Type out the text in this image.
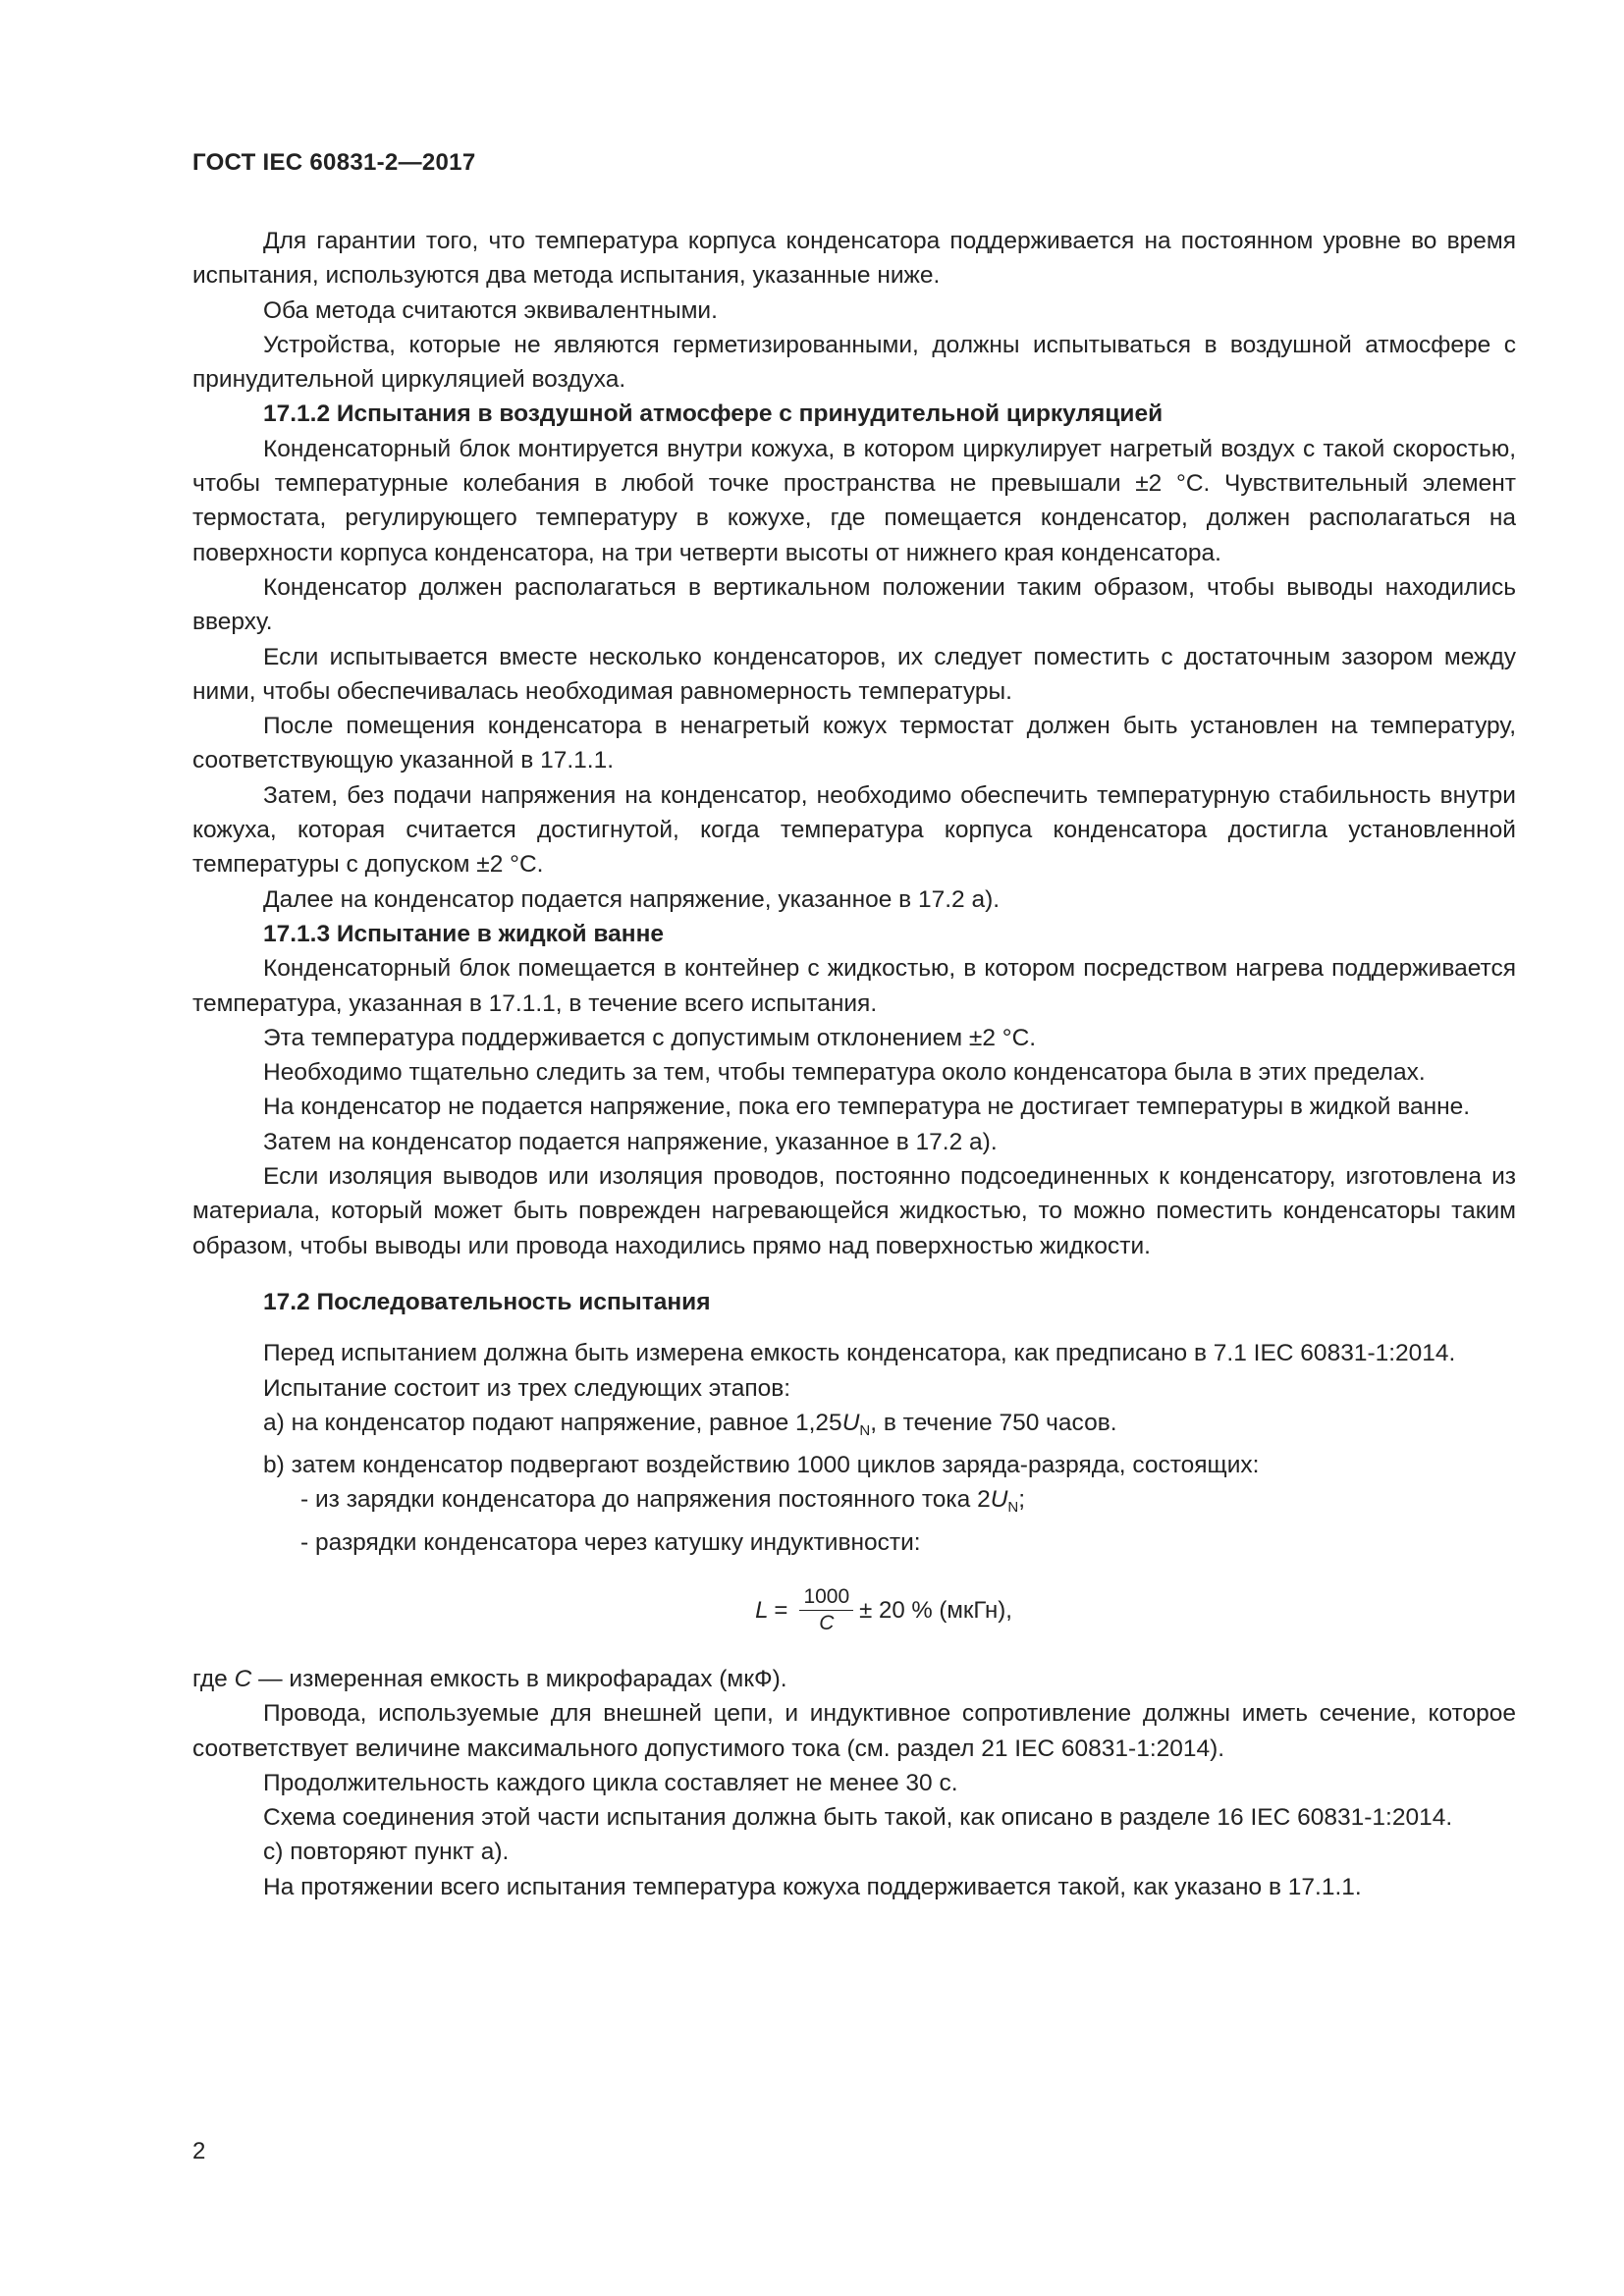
ГОСТ IEC 60831-2—2017

Для гарантии того, что температура корпуса конденсатора поддерживается на постоянном уровне во время испытания, используются два метода испытания, указанные ниже.

Оба метода считаются эквивалентными.

Устройства, которые не являются герметизированными, должны испытываться в воздушной атмосфере с принудительной циркуляцией воздуха.

17.1.2 Испытания в воздушной атмосфере с принудительной циркуляцией

Конденсаторный блок монтируется внутри кожуха, в котором циркулирует нагретый воздух с такой скоростью, чтобы температурные колебания в любой точке пространства не превышали ±2 °С. Чувствительный элемент термостата, регулирующего температуру в кожухе, где помещается конденсатор, должен располагаться на поверхности корпуса конденсатора, на три четверти высоты от нижнего края конденсатора.

Конденсатор должен располагаться в вертикальном положении таким образом, чтобы выводы находились вверху.

Если испытывается вместе несколько конденсаторов, их следует поместить с достаточным зазором между ними, чтобы обеспечивалась необходимая равномерность температуры.

После помещения конденсатора в ненагретый кожух термостат должен быть установлен на температуру, соответствующую указанной в 17.1.1.

Затем, без подачи напряжения на конденсатор, необходимо обеспечить температурную стабильность внутри кожуха, которая считается достигнутой, когда температура корпуса конденсатора достигла установленной температуры с допуском ±2 °С.

Далее на конденсатор подается напряжение, указанное в 17.2 а).

17.1.3 Испытание в жидкой ванне

Конденсаторный блок помещается в контейнер с жидкостью, в котором посредством нагрева поддерживается температура, указанная в 17.1.1, в течение всего испытания.

Эта температура поддерживается с допустимым отклонением ±2 °С.

Необходимо тщательно следить за тем, чтобы температура около конденсатора была в этих пределах.

На конденсатор не подается напряжение, пока его температура не достигает температуры в жидкой ванне.

Затем на конденсатор подается напряжение, указанное в 17.2 а).

Если изоляция выводов или изоляция проводов, постоянно подсоединенных к конденсатору, изготовлена из материала, который может быть поврежден нагревающейся жидкостью, то можно поместить конденсаторы таким образом, чтобы выводы или провода находились прямо над поверхностью жидкости.

17.2 Последовательность испытания

Перед испытанием должна быть измерена емкость конденсатора, как предписано в 7.1 IEC 60831-1:2014.

Испытание состоит из трех следующих этапов:

а) на конденсатор подают напряжение, равное $1,25U_N$, в течение 750 часов.

b) затем конденсатор подвергают воздействию 1000 циклов заряда-разряда, состоящих:

- из зарядки конденсатора до напряжения постоянного тока $2U_N$;

- разрядки конденсатора через катушку индуктивности:

$L = \frac{1000}{C} \pm 20$ % (мкГн),

где C — измеренная емкость в микрофарадах (мкФ).

Провода, используемые для внешней цепи, и индуктивное сопротивление должны иметь сечение, которое соответствует величине максимального допустимого тока (см. раздел 21 IEC 60831-1:2014).

Продолжительность каждого цикла составляет не менее 30 с.

Схема соединения этой части испытания должна быть такой, как описано в разделе 16 IEC 60831-1:2014.

с) повторяют пункт а).

На протяжении всего испытания температура кожуха поддерживается такой, как указано в 17.1.1.

2
